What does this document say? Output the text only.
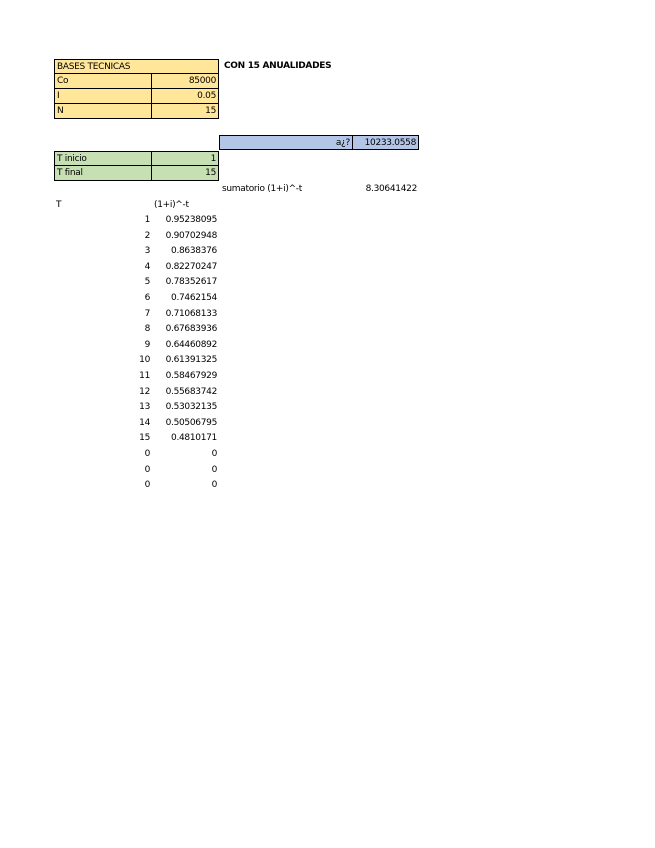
BASES TECNICAS	CON 15 ANUALIDADES
Co	85000
I	0.05
N	15
a¿?	10233.0558
T inicio	1
T final	15
sumatorio (1+i)^-t	8.30641422
T	(1+i)^-t
1	0.95238095
2	0.90702948
3	0.8638376
4	0.82270247
5	0.78352617
6	0.7462154
7	0.71068133
8	0.67683936
9	0.64460892
10	0.61391325
11	0.58467929
12	0.55683742
13	0.53032135
14	0.50506795
15	0.4810171
0	0
0	0
0	0
